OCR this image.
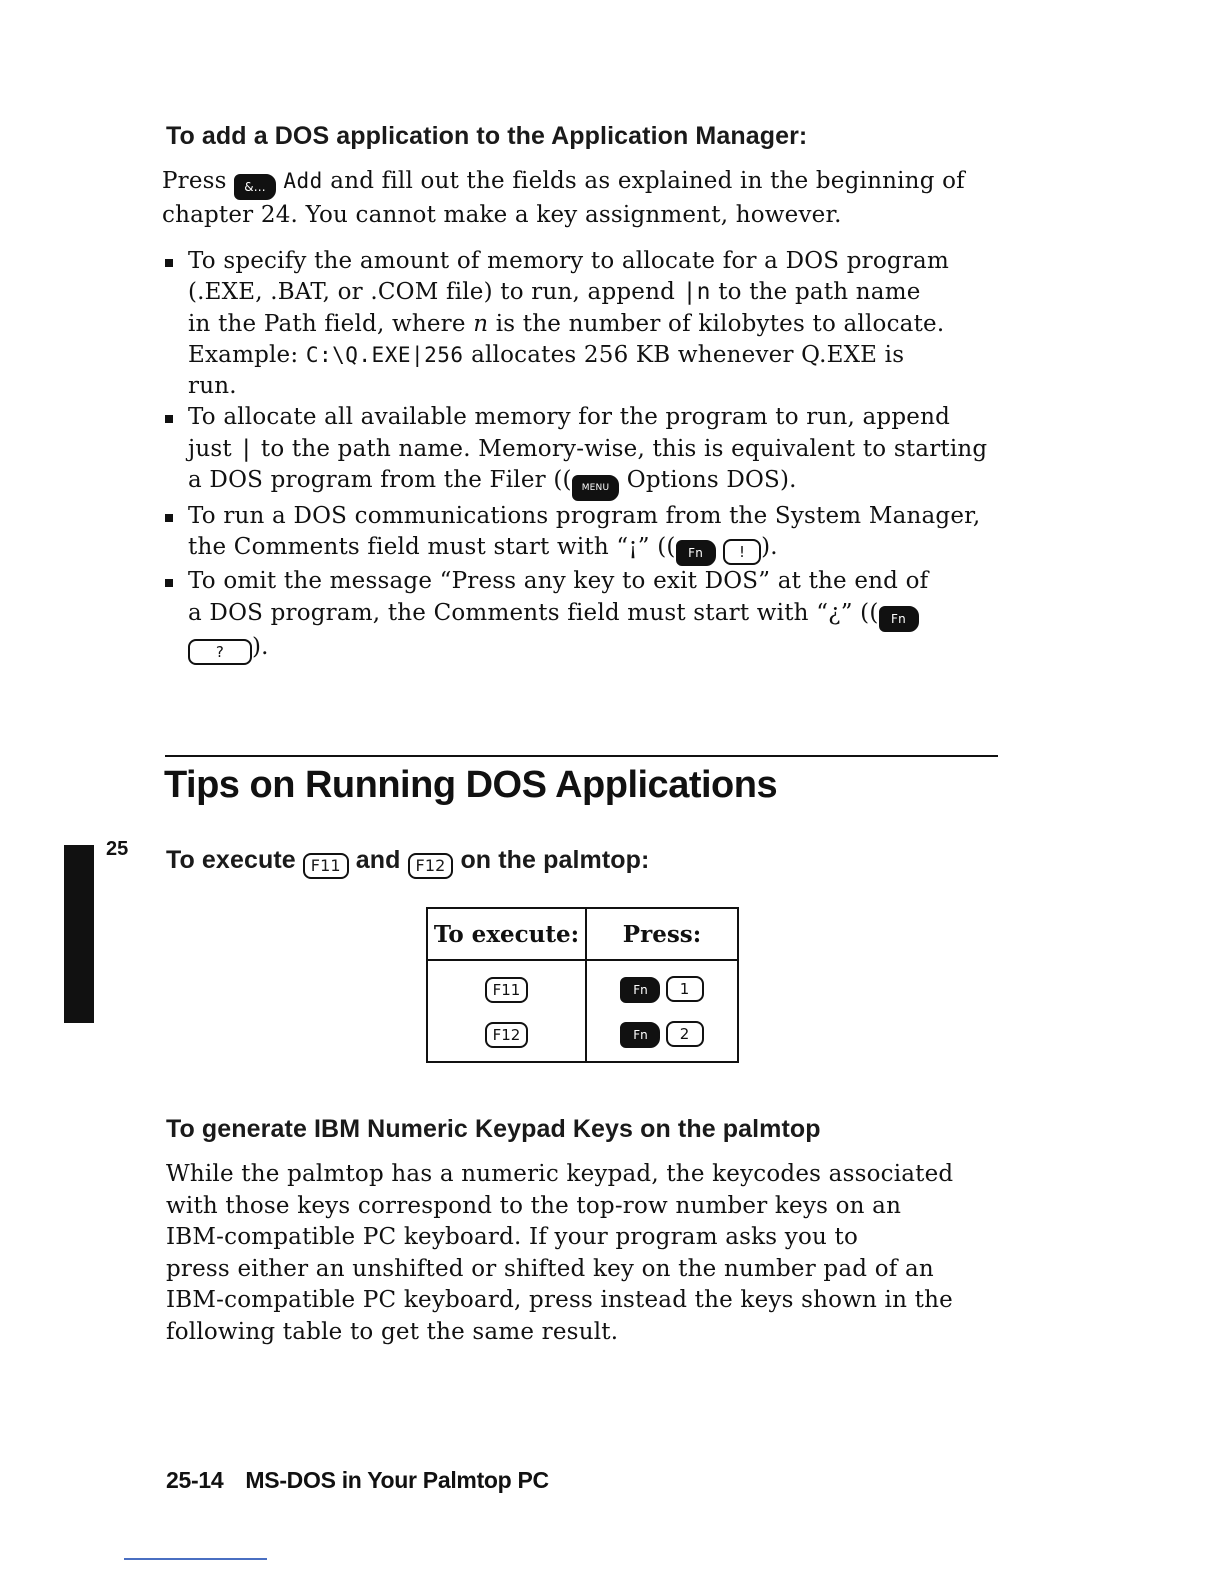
To add a DOS application to the Application Manager:

Press &... Add and fill out the fields as explained in the beginning of

chapter 24. You cannot make a key assignment, however.

To specify the amount of memory to allocate for a DOS program
(.EXE, .BAT, or .COM file) to run, append |n to the path name
in the Path field, where n is the number of kilobytes to allocate.
Example: C:\Q.EXE|256 allocates 256 KB whenever Q.EXE is
run.
To allocate all available memory for the program to run, append
just | to the path name. Memory-wise, this is equivalent to starting
a DOS program from the Filer (( MENU Options DOS).
To run a DOS communications program from the System Manager,
the Comments field must start with “¡” (( Fn ! ).
To omit the message “Press any key to exit DOS” at the end of
a DOS program, the Comments field must start with “¿” (( Fn
? ).
Tips on Running DOS Applications
25 To execute F11 and F12 on the palmtop:
To execute:	Press:
F11	Fn 1
F12	Fn 2
To generate IBM Numeric Keypad Keys on the palmtop

While the palmtop has a numeric keypad, the keycodes associated

with those keys correspond to the top-row number keys on an

IBM-compatible PC keyboard. If your program asks you to

press either an unshifted or shifted key on the number pad of an

IBM-compatible PC keyboard, press instead the keys shown in the

following table to get the same result.

25-14 MS-DOS in Your Palmtop PC
